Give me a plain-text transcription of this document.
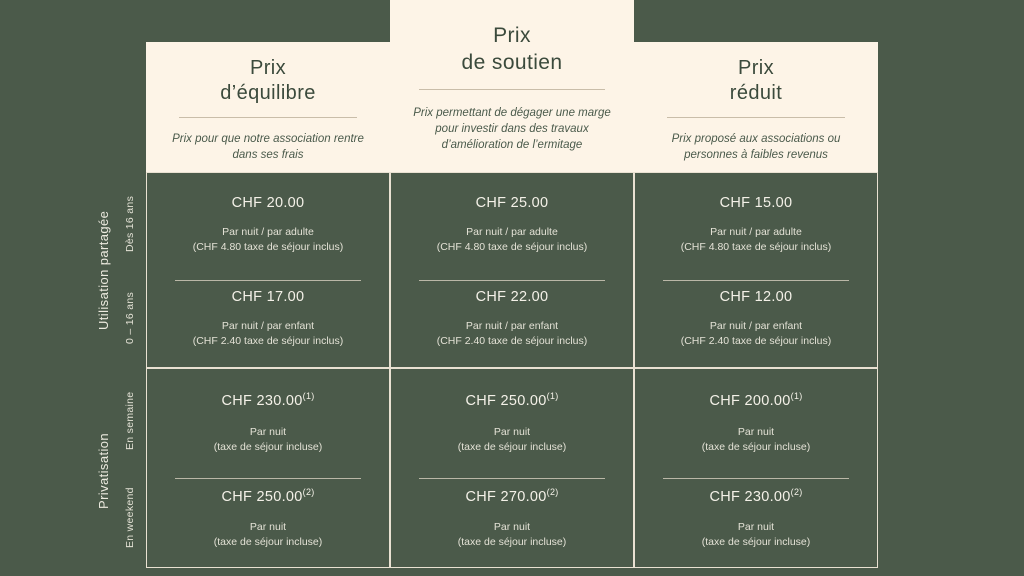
Prix
d’équilibre
Prix pour que notre association rentre dans ses frais
Prix
de soutien
Prix permettant de dégager une marge pour investir dans des travaux d’amélioration de l’ermitage
Prix
réduit
Prix proposé aux associations ou personnes à faibles revenus
Utilisation partagée Dès 16 ans
0 – 16 ans
Privatisation
En semaine
En weekend
CHF 20.00
Par nuit / par adulte
(CHF 4.80 taxe de séjour inclus)
CHF 17.00
Par nuit / par enfant
(CHF 2.40 taxe de séjour inclus)
CHF 25.00
Par nuit / par adulte
(CHF 4.80 taxe de séjour inclus)
CHF 22.00
Par nuit / par enfant
(CHF 2.40 taxe de séjour inclus)
CHF 15.00
Par nuit / par adulte
(CHF 4.80 taxe de séjour inclus)
CHF 12.00
Par nuit / par enfant
(CHF 2.40 taxe de séjour inclus)
CHF 230.00$^{(1)}$
Par nuit
(taxe de séjour incluse)
CHF 250.00$^{(2)}$
Par nuit
(taxe de séjour incluse)
CHF 250.00$^{(1)}$
Par nuit
(taxe de séjour incluse)
CHF 270.00$^{(2)}$
Par nuit
(taxe de séjour incluse)
CHF 200.00$^{(1)}$
Par nuit
(taxe de séjour incluse)
CHF 230.00$^{(2)}$
Par nuit
(taxe de séjour incluse)
